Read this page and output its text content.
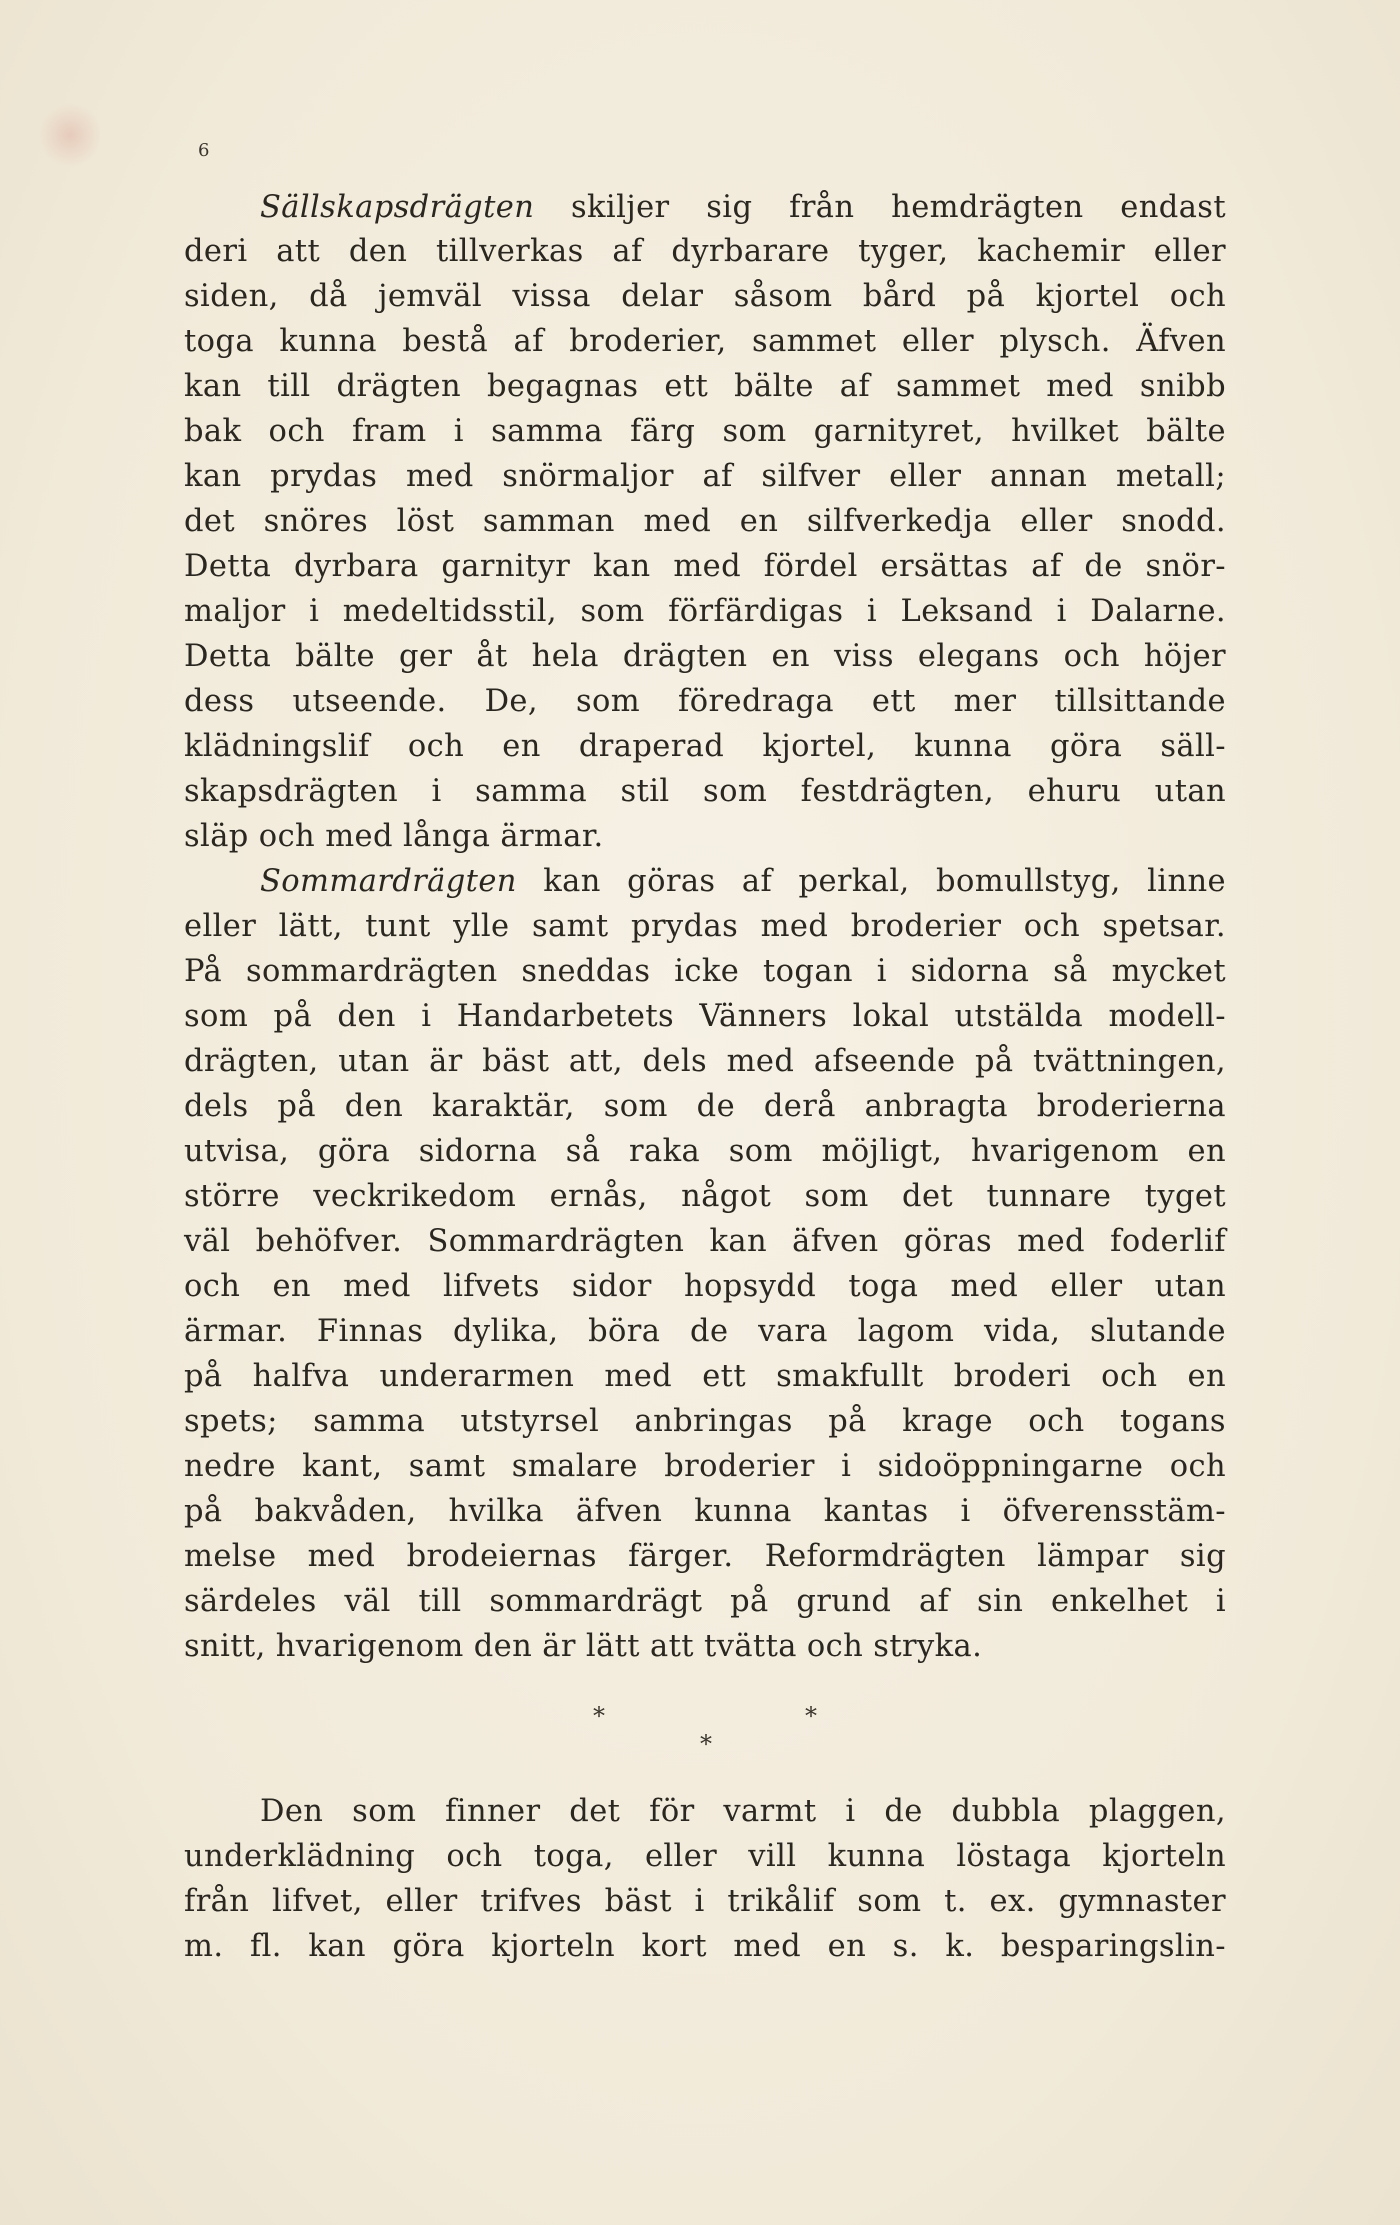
6
Sällskapsdrägten skiljer sig från hemdrägten endast
deri att den tillverkas af dyrbarare tyger, kachemir eller
siden, då jemväl vissa delar såsom bård på kjortel och
toga kunna bestå af broderier, sammet eller plysch. Äfven
kan till drägten begagnas ett bälte af sammet med snibb
bak och fram i samma färg som garnityret, hvilket bälte
kan prydas med snörmaljor af silfver eller annan metall;
det snöres löst samman med en silfverkedja eller snodd.
Detta dyrbara garnityr kan med fördel ersättas af de snör-
maljor i medeltidsstil, som förfärdigas i Leksand i Dalarne.
Detta bälte ger åt hela drägten en viss elegans och höjer
dess utseende. De, som föredraga ett mer tillsittande
klädningslif och en draperad kjortel, kunna göra säll-
skapsdrägten i samma stil som festdrägten, ehuru utan
släp och med långa ärmar.
Sommardrägten kan göras af perkal, bomullstyg, linne
eller lätt, tunt ylle samt prydas med broderier och spetsar.
På sommardrägten sneddas icke togan i sidorna så mycket
som på den i Handarbetets Vänners lokal utstälda modell-
drägten, utan är bäst att, dels med afseende på tvättningen,
dels på den karaktär, som de derå anbragta broderierna
utvisa, göra sidorna så raka som möjligt, hvarigenom en
större veckrikedom ernås, något som det tunnare tyget
väl behöfver. Sommardrägten kan äfven göras med foderlif
och en med lifvets sidor hopsydd toga med eller utan
ärmar. Finnas dylika, böra de vara lagom vida, slutande
på halfva underarmen med ett smakfullt broderi och en
spets; samma utstyrsel anbringas på krage och togans
nedre kant, samt smalare broderier i sidoöppningarne och
på bakvåden, hvilka äfven kunna kantas i öfverensstäm-
melse med brodeiernas färger. Reformdrägten lämpar sig
särdeles väl till sommardrägt på grund af sin enkelhet i
snitt, hvarigenom den är lätt att tvätta och stryka.
*	*
*
Den som finner det för varmt i de dubbla plaggen,
underklädning och toga, eller vill kunna löstaga kjorteln
från lifvet, eller trifves bäst i trikålif som t. ex. gymnaster
m. fl. kan göra kjorteln kort med en s. k. besparingslin-
